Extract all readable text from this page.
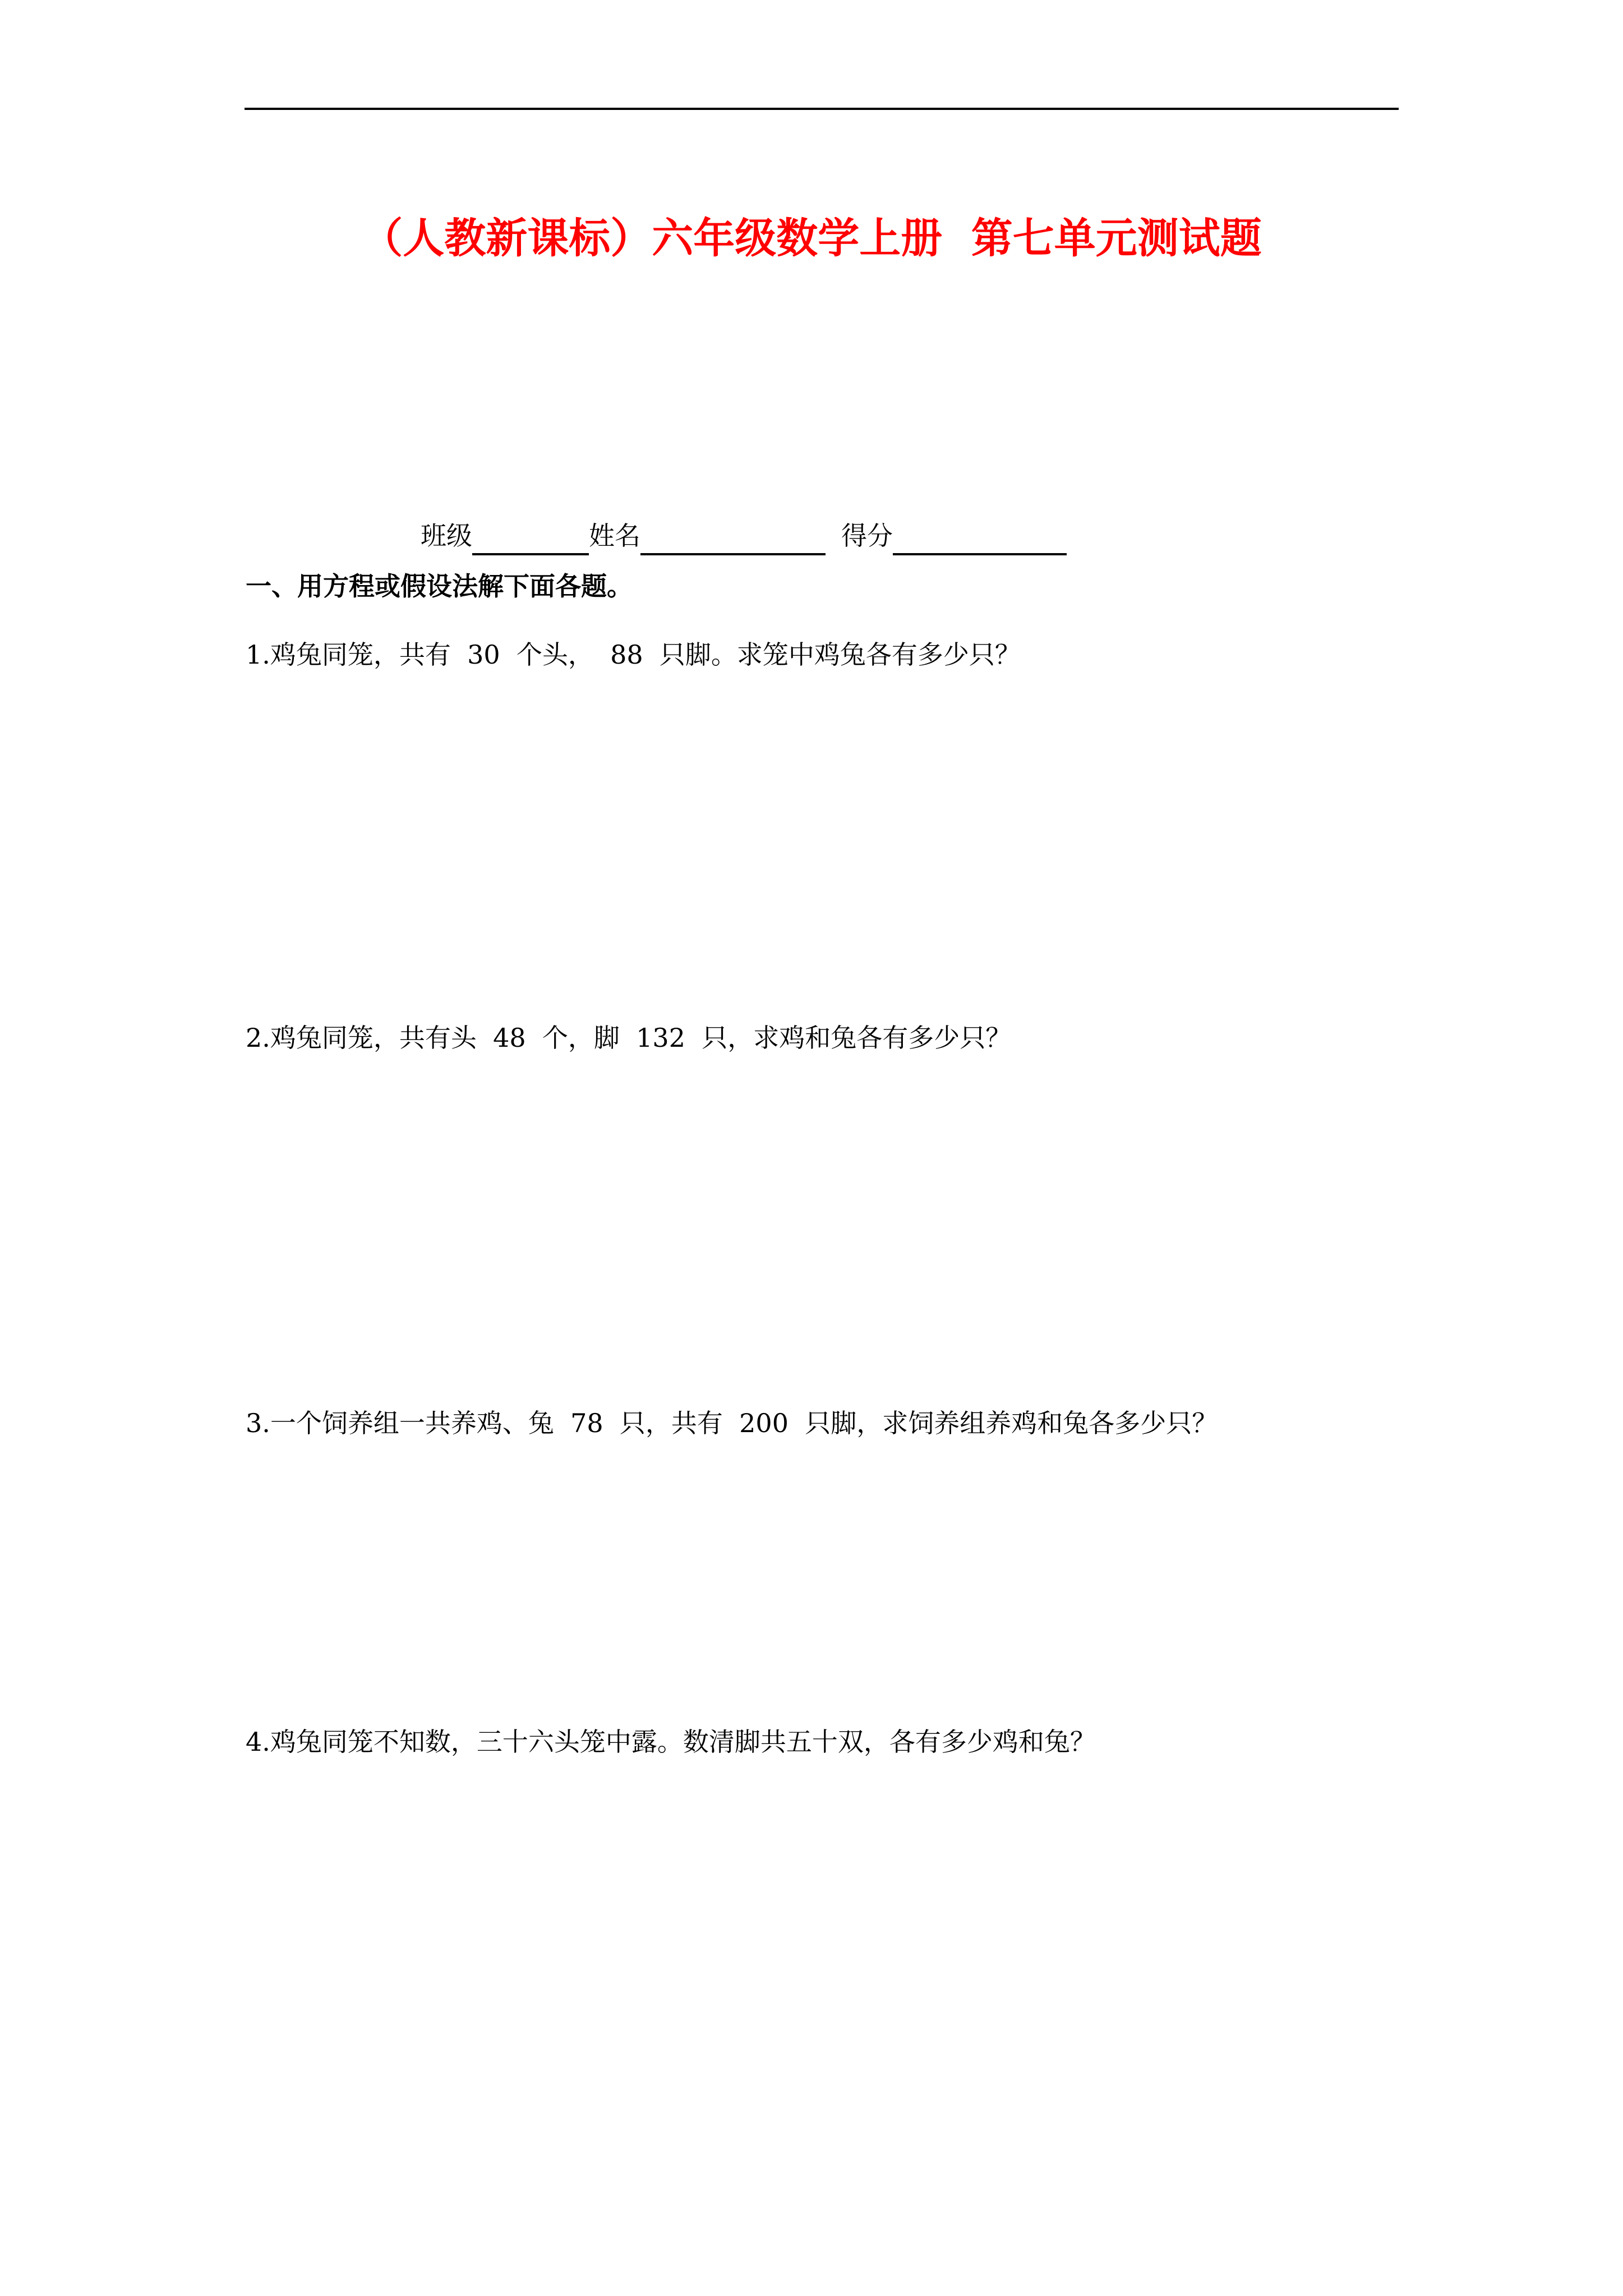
（人教新课标）六年级数学上册  第七单元测试题
班级	姓名	得分
一、用方程或假设法解下面各题。
1.鸡兔同笼，共有  30  个头，  88  只脚。求笼中鸡兔各有多少只？
2.鸡兔同笼，共有头  48  个，脚  132  只，求鸡和兔各有多少只？
3.一个饲养组一共养鸡、兔  78  只，共有  200  只脚，求饲养组养鸡和兔各多少只？
4.鸡兔同笼不知数，三十六头笼中露。数清脚共五十双，各有多少鸡和兔？
